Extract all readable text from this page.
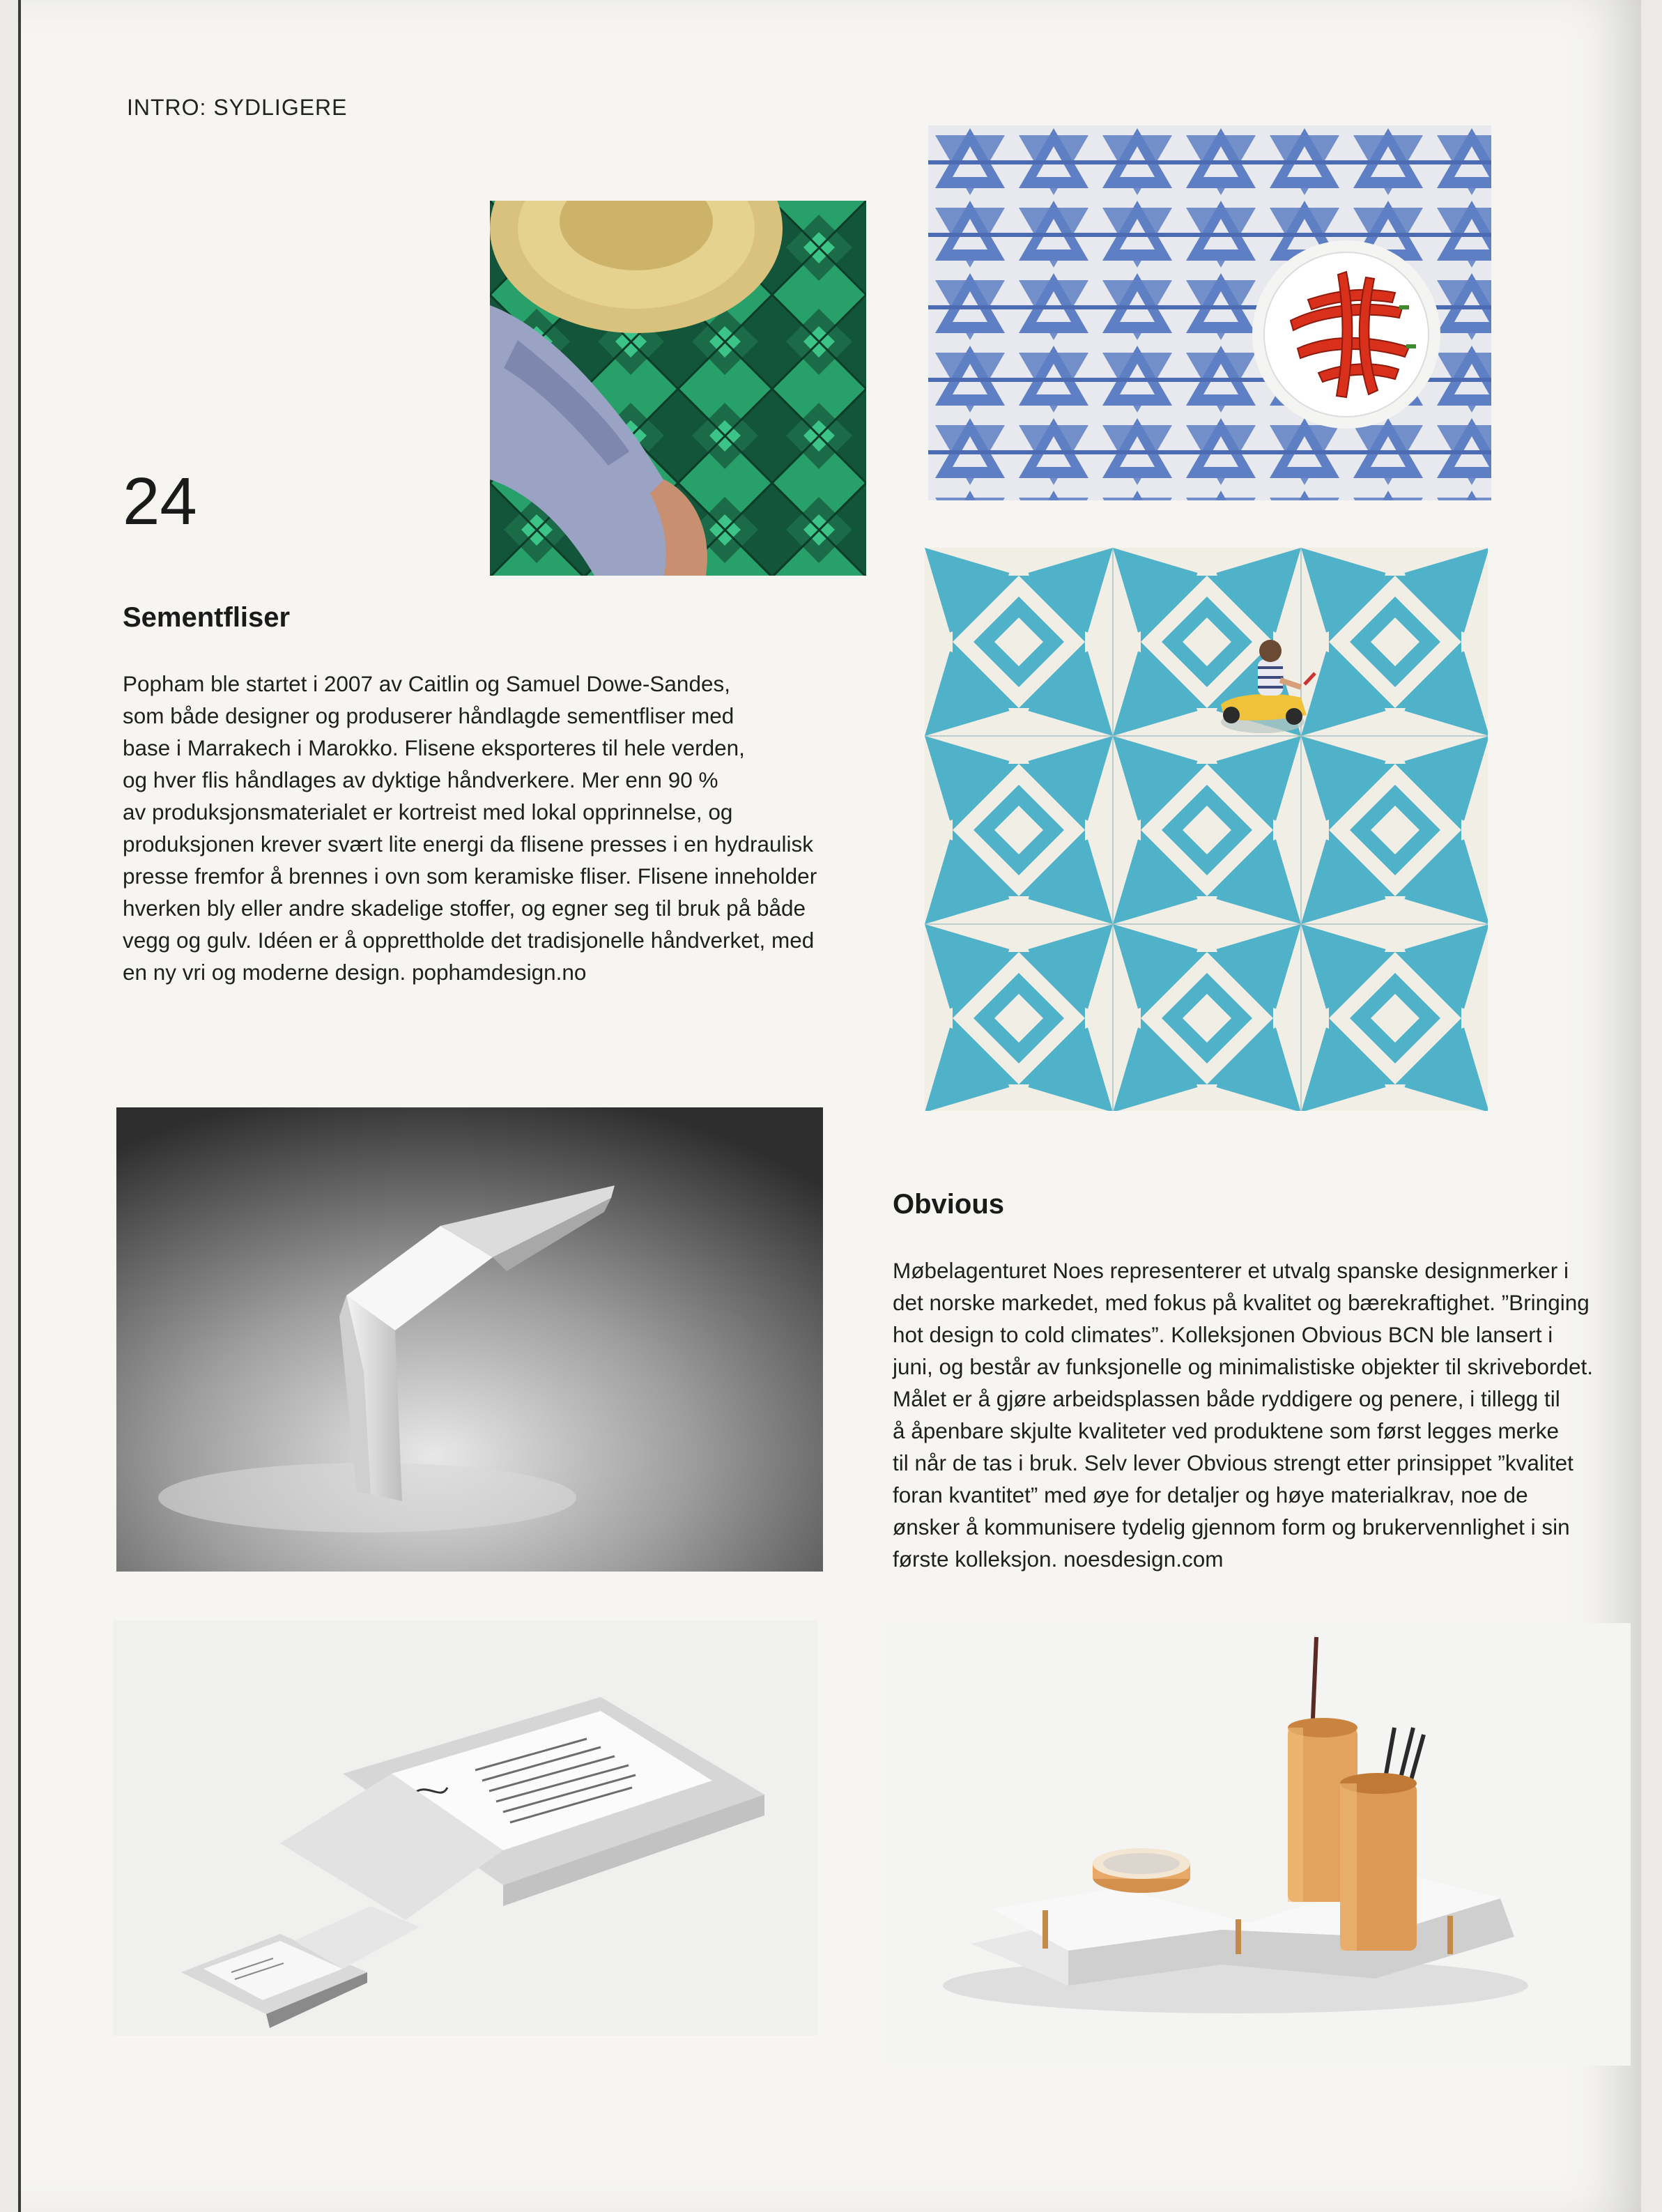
INTRO: SYDLIGERE
24
Sementfliser
Popham ble startet i 2007 av Caitlin og Samuel Dowe-Sandes,
som både designer og produserer håndlagde sementfliser med
base i Marrakech i Marokko. Flisene eksporteres til hele verden,
og hver flis håndlages av dyktige håndverkere. Mer enn 90 %
av produksjonsmaterialet er kortreist med lokal opprinnelse, og
produksjonen krever svært lite energi da flisene presses i en hydraulisk
presse fremfor å brennes i ovn som keramiske fliser. Flisene inneholder
hverken bly eller andre skadelige stoffer, og egner seg til bruk på både
vegg og gulv. Idéen er å opprettholde det tradisjonelle håndverket, med
en ny vri og moderne design. pophamdesign.no
Obvious
Møbelagenturet Noes representerer et utvalg spanske designmerker i
det norske markedet, med fokus på kvalitet og bærekraftighet. ”Bringing
hot design to cold climates”. Kolleksjonen Obvious BCN ble lansert i
juni, og består av funksjonelle og minimalistiske objekter til skrivebordet.
Målet er å gjøre arbeidsplassen både ryddigere og penere, i tillegg til
å åpenbare skjulte kvaliteter ved produktene som først legges merke
til når de tas i bruk. Selv lever Obvious strengt etter prinsippet ”kvalitet
foran kvantitet” med øye for detaljer og høye materialkrav, noe de
ønsker å kommunisere tydelig gjennom form og brukervennlighet i sin
første kolleksjon. noesdesign.com
